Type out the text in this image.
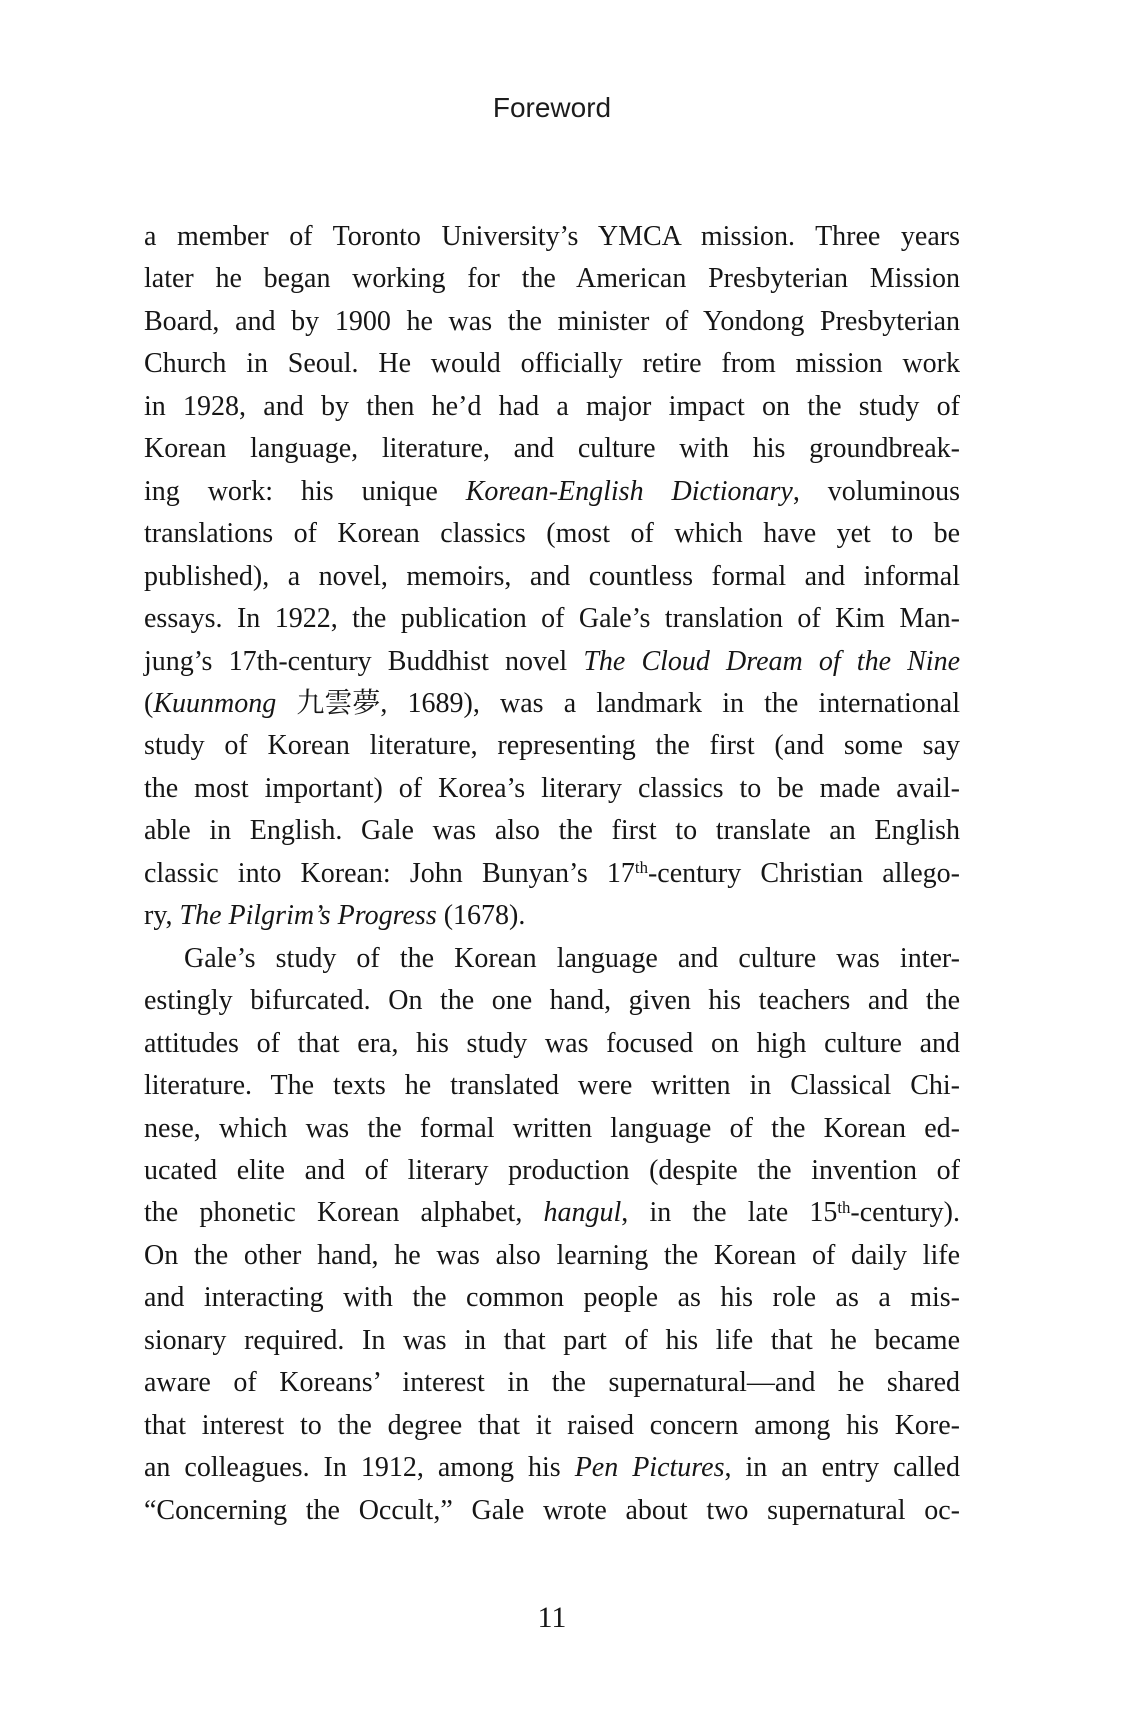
Foreword
a member of Toronto University’s YMCA mission. Three years
later he began working for the American Presbyterian Mission
Board, and by 1900 he was the minister of Yondong Presbyterian
Church in Seoul. He would officially retire from mission work
in 1928, and by then he’d had a major impact on the study of
Korean language, literature, and culture with his groundbreak-
ing work: his unique Korean-English Dictionary, voluminous
translations of Korean classics (most of which have yet to be
published), a novel, memoirs, and countless formal and informal
essays. In 1922, the publication of Gale’s translation of Kim Man-
jung’s 17th-century Buddhist novel The Cloud Dream of the Nine
(Kuunmong 九雲夢, 1689), was a landmark in the international
study of Korean literature, representing the first (and some say
the most important) of Korea’s literary classics to be made avail-
able in English. Gale was also the first to translate an English
classic into Korean: John Bunyan’s 17th-century Christian allego-
ry, The Pilgrim’s Progress (1678).
Gale’s study of the Korean language and culture was inter-
estingly bifurcated. On the one hand, given his teachers and the
attitudes of that era, his study was focused on high culture and
literature. The texts he translated were written in Classical Chi-
nese, which was the formal written language of the Korean ed-
ucated elite and of literary production (despite the invention of
the phonetic Korean alphabet, hangul, in the late 15th-century).
On the other hand, he was also learning the Korean of daily life
and interacting with the common people as his role as a mis-
sionary required. In was in that part of his life that he became
aware of Koreans’ interest in the supernatural—and he shared
that interest to the degree that it raised concern among his Kore-
an colleagues. In 1912, among his Pen Pictures, in an entry called
“Concerning the Occult,” Gale wrote about two supernatural oc-
11
